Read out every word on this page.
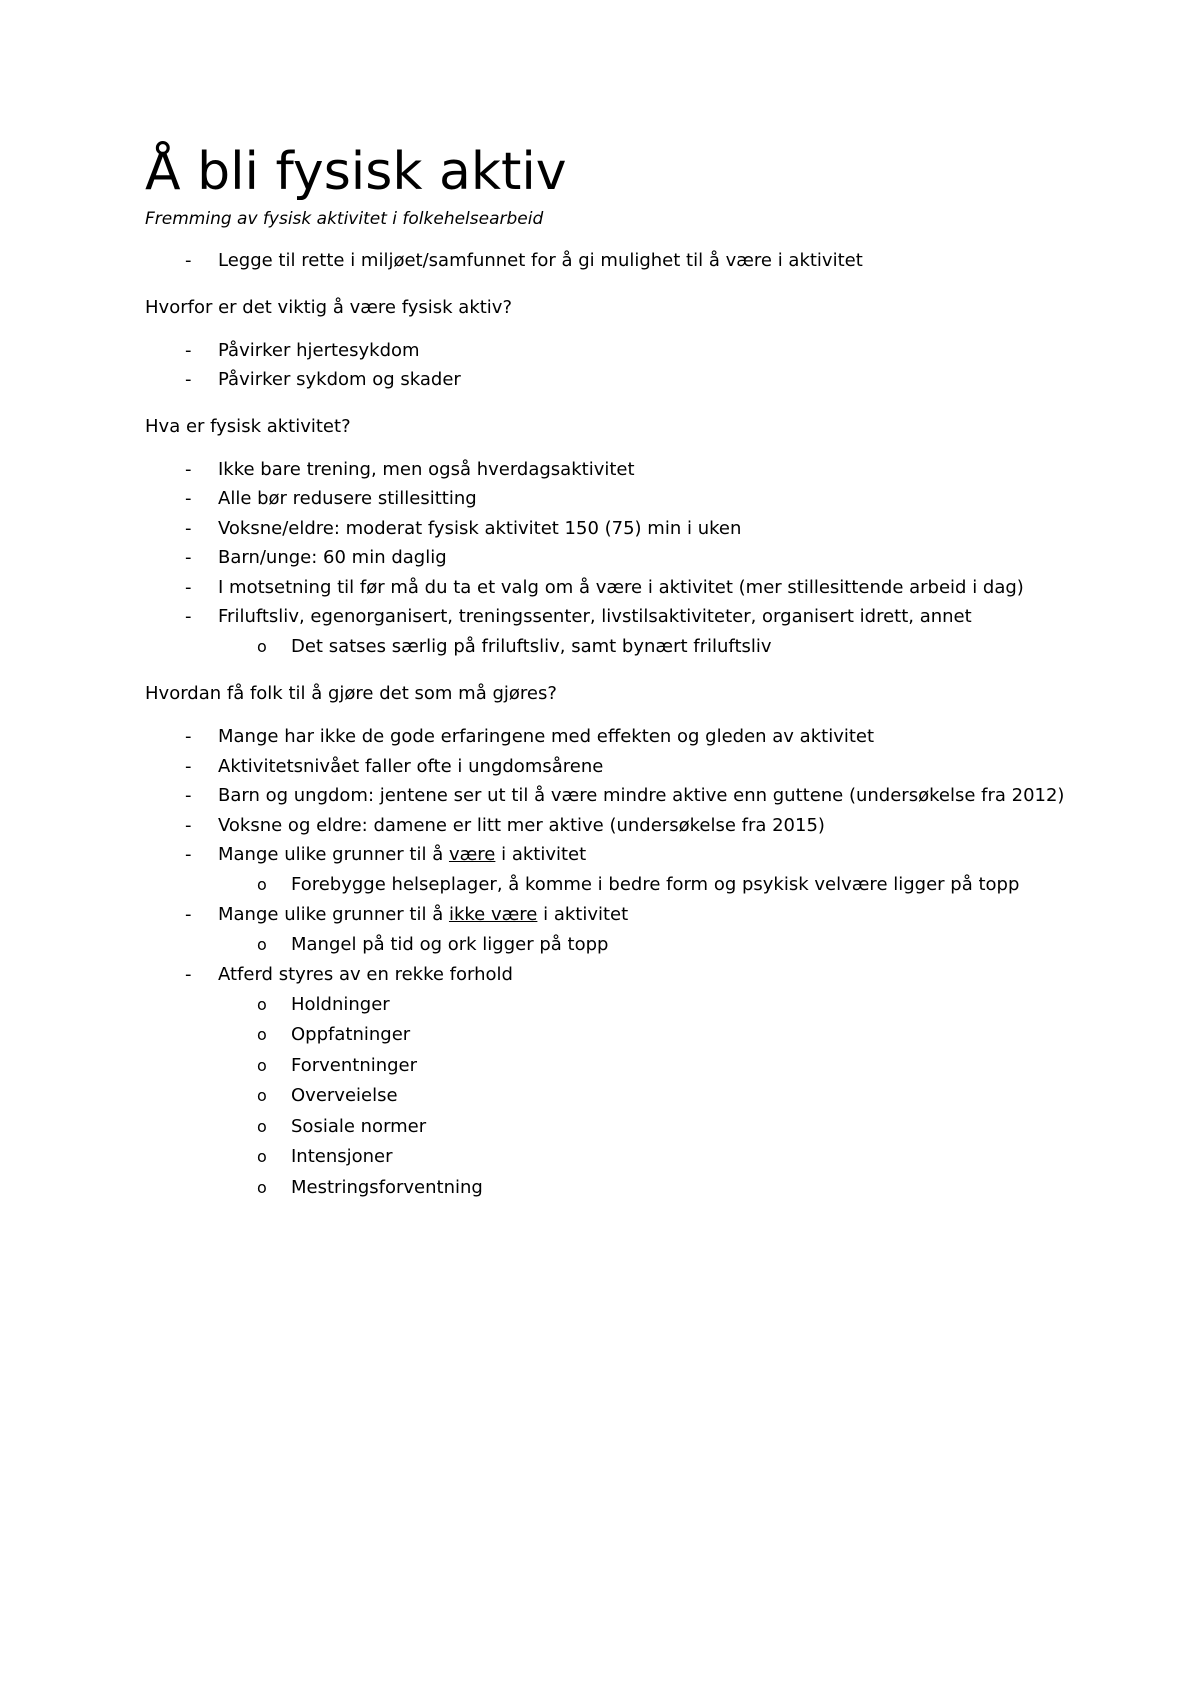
Å bli fysisk aktiv

Fremming av fysisk aktivitet i folkehelsearbeid

- Legge til rette i miljøet/samfunnet for å gi mulighet til å være i aktivitet

Hvorfor er det viktig å være fysisk aktiv?

- Påvirker hjertesykdom
- Påvirker sykdom og skader

Hva er fysisk aktivitet?

- Ikke bare trening, men også hverdagsaktivitet
- Alle bør redusere stillesitting
- Voksne/eldre: moderat fysisk aktivitet 150 (75) min i uken
- Barn/unge: 60 min daglig
- I motsetning til før må du ta et valg om å være i aktivitet (mer stillesittende arbeid i dag)
- Friluftsliv, egenorganisert, treningssenter, livstilsaktiviteter, organisert idrett, annet
o Det satses særlig på friluftsliv, samt bynært friluftsliv

Hvordan få folk til å gjøre det som må gjøres?

- Mange har ikke de gode erfaringene med effekten og gleden av aktivitet
- Aktivitetsnivået faller ofte i ungdomsårene
- Barn og ungdom: jentene ser ut til å være mindre aktive enn guttene (undersøkelse fra 2012)
- Voksne og eldre: damene er litt mer aktive (undersøkelse fra 2015)
- Mange ulike grunner til å være i aktivitet
o Forebygge helseplager, å komme i bedre form og psykisk velvære ligger på topp
- Mange ulike grunner til å ikke være i aktivitet
o Mangel på tid og ork ligger på topp
- Atferd styres av en rekke forhold
o Holdninger
o Oppfatninger
o Forventninger
o Overveielse
o Sosiale normer
o Intensjoner
o Mestringsforventning
